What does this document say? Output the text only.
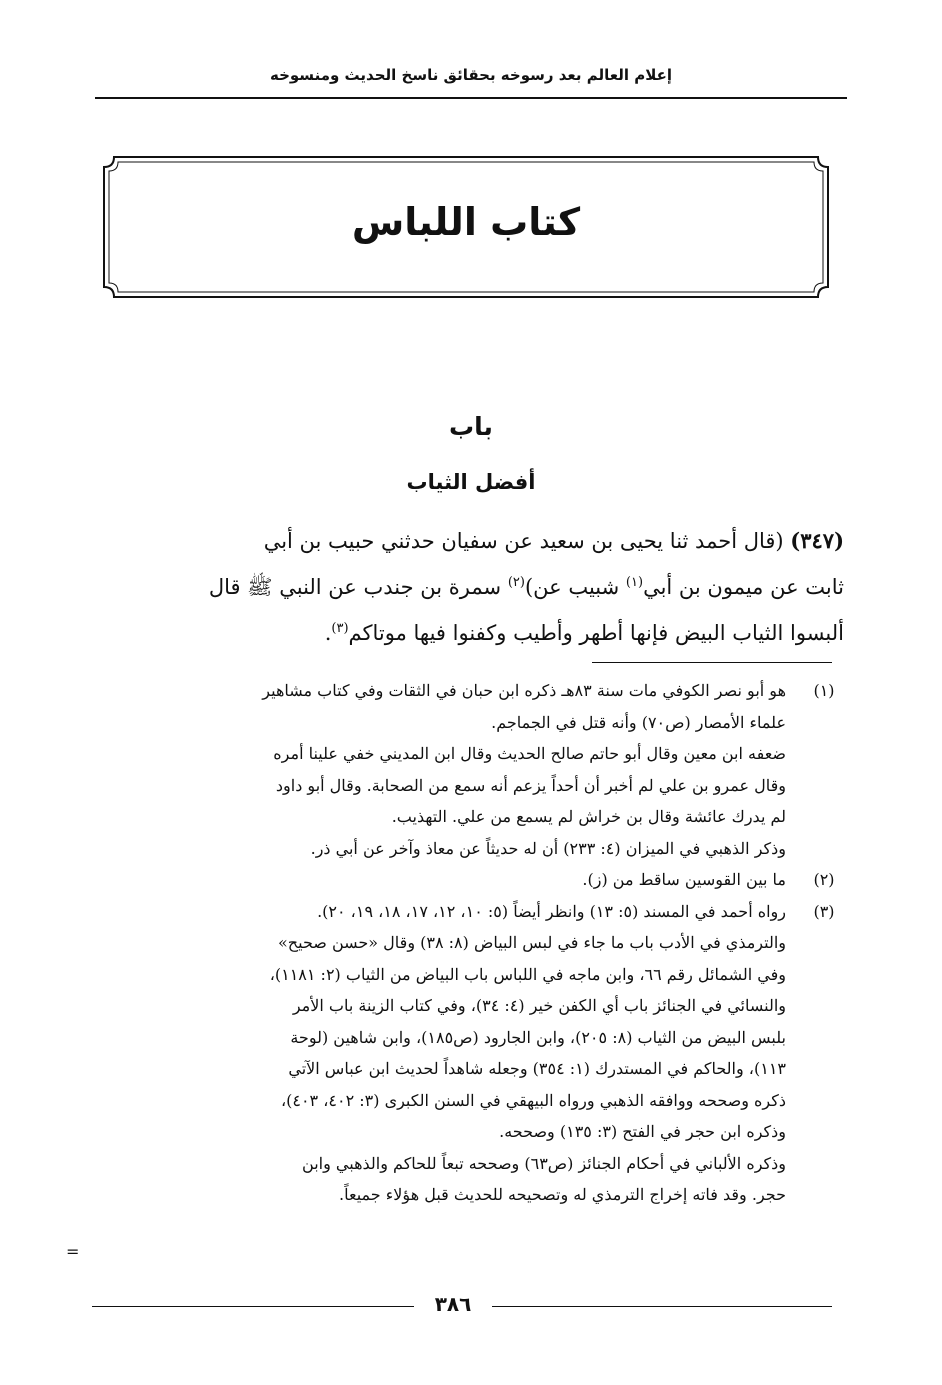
إعلام العالم بعد رسوخه بحقائق ناسخ الحديث ومنسوخه
كتاب اللباس
باب
أفضل الثياب
(٣٤٧) (قال أحمد ثنا يحيى بن سعيد عن سفيان حدثني حبيب بن أبي
ثابت عن ميمون بن أبي$^{(١)}$ شبيب عن)$^{(٢)}$ سمرة بن جندب عن النبي ﷺ قال
ألبسوا الثياب البيض فإنها أطهر وأطيب وكفنوا فيها موتاكم$^{(٣)}$.
(١)
هو أبو نصر الكوفي مات سنة ٨٣هـ ذكره ابن حبان في الثقات وفي كتاب مشاهير
علماء الأمصار (ص٧٠) وأنه قتل في الجماجم.
ضعفه ابن معين وقال أبو حاتم صالح الحديث وقال ابن المديني خفي علينا أمره
وقال عمرو بن علي لم أخبر أن أحداً يزعم أنه سمع من الصحابة. وقال أبو داود
لم يدرك عائشة وقال بن خراش لم يسمع من علي. التهذيب.
وذكر الذهبي في الميزان (٤: ٢٣٣) أن له حديثاً عن معاذ وآخر عن أبي ذر.
(٢)
ما بين القوسين ساقط من (ز).
(٣)
رواه أحمد في المسند (٥: ١٣) وانظر أيضاً (٥: ١٠، ١٢، ١٧، ١٨، ١٩، ٢٠).
والترمذي في الأدب باب ما جاء في لبس البياض (٨: ٣٨) وقال «حسن صحيح»
وفي الشمائل رقم ٦٦، وابن ماجه في اللباس باب البياض من الثياب (٢: ١١٨١)،
والنسائي في الجنائز باب أي الكفن خير (٤: ٣٤)، وفي كتاب الزينة باب الأمر
بلبس البيض من الثياب (٨: ٢٠٥)، وابن الجارود (ص١٨٥)، وابن شاهين (لوحة
١١٣)، والحاكم في المستدرك (١: ٣٥٤) وجعله شاهداً لحديث ابن عباس الآتي
ذكره وصححه ووافقه الذهبي ورواه البيهقي في السنن الكبرى (٣: ٤٠٢، ٤٠٣)،
وذكره ابن حجر في الفتح (٣: ١٣٥) وصححه.
وذكره الألباني في أحكام الجنائز (ص٦٣) وصححه تبعاً للحاكم والذهبي وابن
حجر. وقد فاته إخراج الترمذي له وتصحيحه للحديث قبل هؤلاء جميعاً.
=
٣٨٦
